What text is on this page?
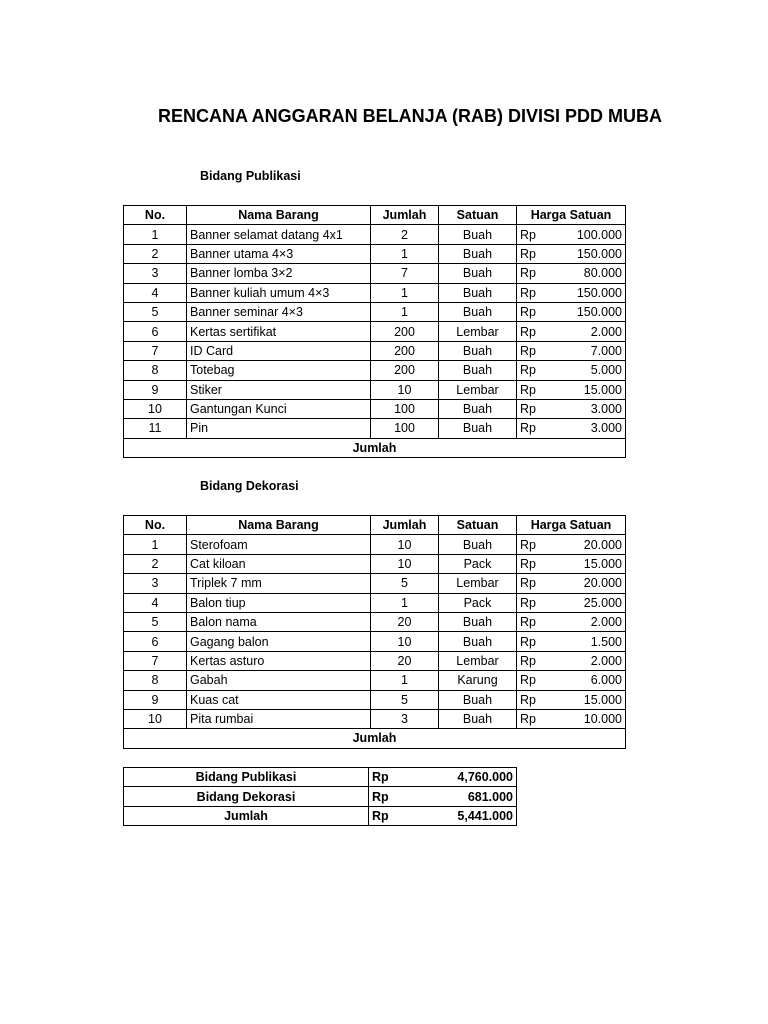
RENCANA ANGGARAN BELANJA (RAB) DIVISI PDD MUBA
Bidang Publikasi
No.	Nama Barang	Jumlah	Satuan	Harga Satuan
1	Banner selamat datang 4x1	2	Buah	Rp 100.000

2	Banner utama 4×3	1	Buah	Rp 150.000

3	Banner lomba 3×2	7	Buah	Rp 80.000

4	Banner kuliah umum 4×3	1	Buah	Rp 150.000

5	Banner seminar 4×3	1	Buah	Rp 150.000

6	Kertas sertifikat	200	Lembar	Rp 2.000

7	ID Card	200	Buah	Rp 7.000

8	Totebag	200	Buah	Rp 5.000

9	Stiker	10	Lembar	Rp 15.000

10	Gantungan Kunci	100	Buah	Rp 3.000

11	Pin	100	Buah	Rp 3.000

Jumlah				
Bidang Dekorasi
No.	Nama Barang	Jumlah	Satuan	Harga Satuan
1	Sterofoam	10	Buah	Rp 20.000

2	Cat kiloan	10	Pack	Rp 15.000

3	Triplek 7 mm	5	Lembar	Rp 20.000

4	Balon tiup	1	Pack	Rp 25.000

5	Balon nama	20	Buah	Rp 2.000

6	Gagang balon	10	Buah	Rp 1.500

7	Kertas asturo	20	Lembar	Rp 2.000

8	Gabah	1	Karung	Rp 6.000

9	Kuas cat	5	Buah	Rp 15.000

10	Pita rumbai	3	Buah	Rp 10.000

Jumlah				
Bidang Publikasi	Rp 4,760.000

Bidang Dekorasi	Rp 681.000

Jumlah	Rp 5,441.000
